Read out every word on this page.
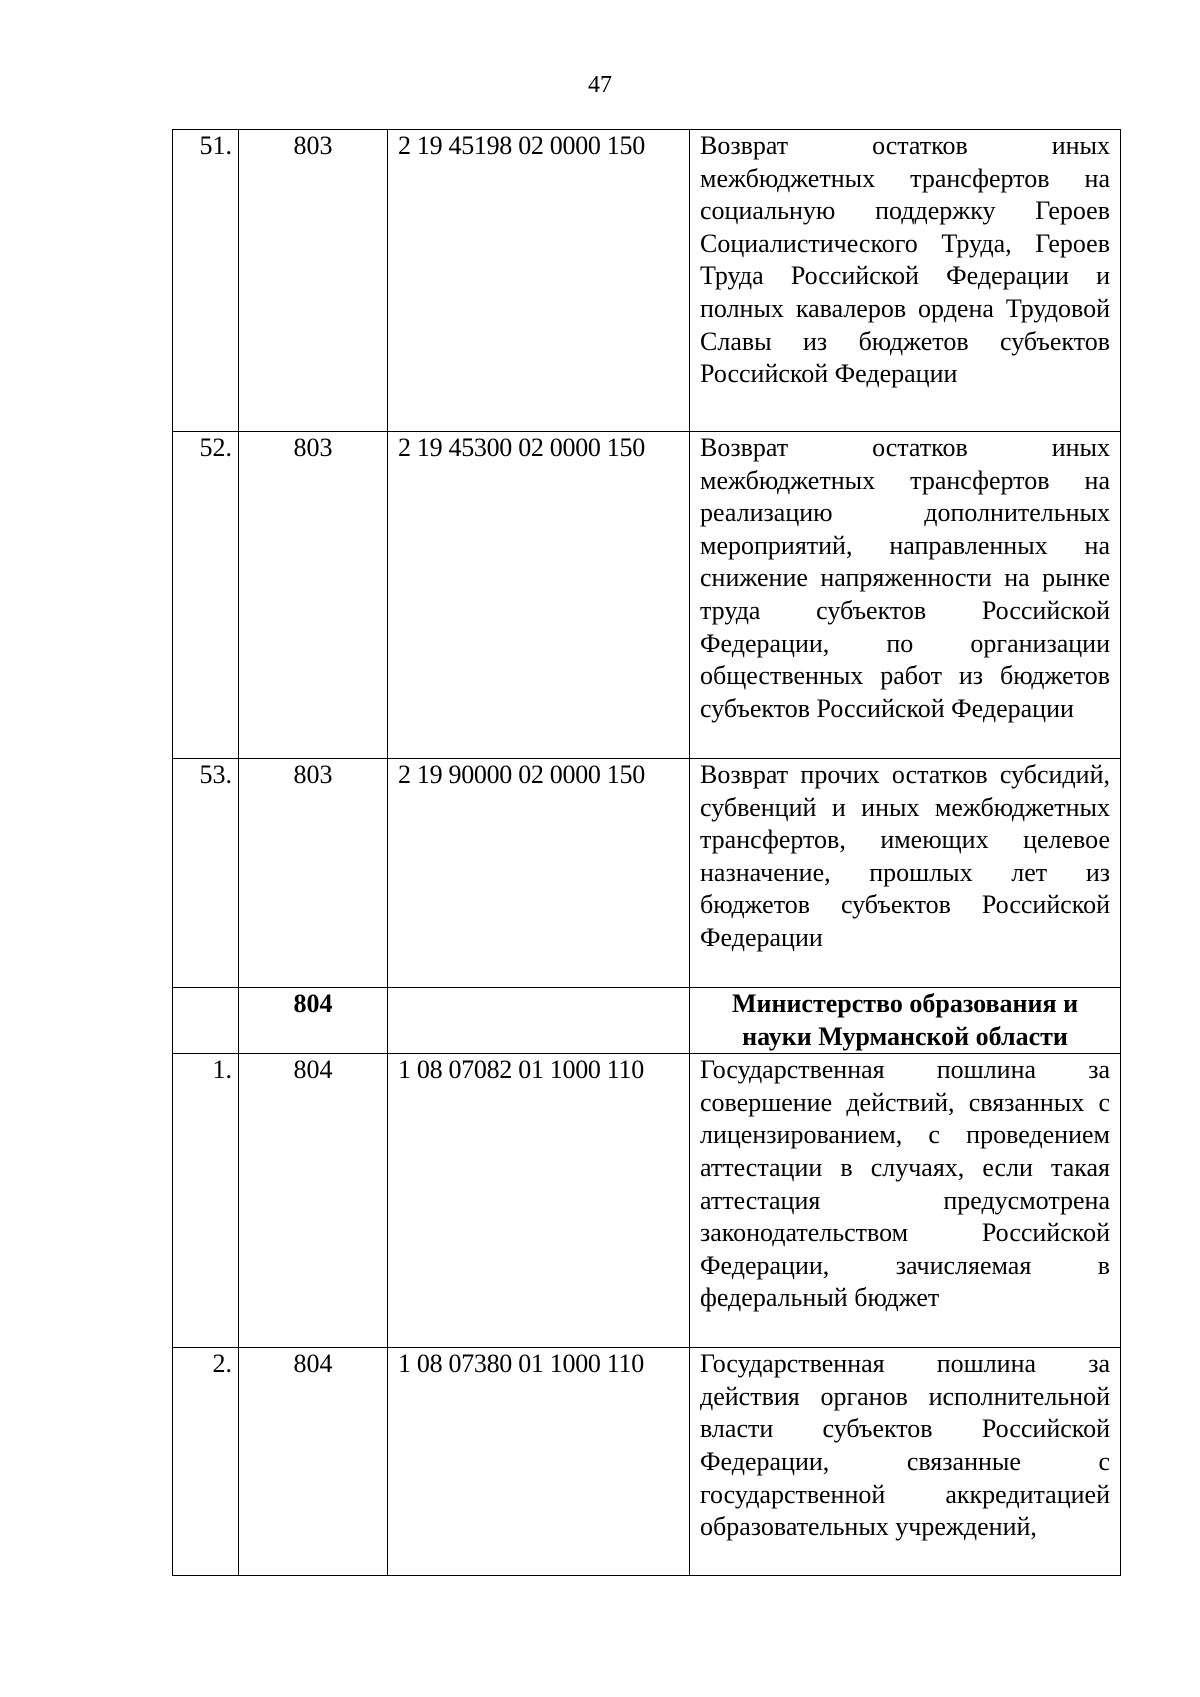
47
51.	803	2 19 45198 02 0000 150	Возврат остатков иных межбюджетных трансфертов на социальную поддержку Героев Социалистического Труда, Героев Труда Российской Федерации и полных кавалеров ордена Трудовой Славы из бюджетов субъектов Российской Федерации

52.	803	2 19 45300 02 0000 150	Возврат остатков иных межбюджетных трансфертов на реализацию дополнительных мероприятий, направленных на снижение напряженности на рынке труда субъектов Российской Федерации, по организации общественных работ из бюджетов субъектов Российской Федерации

53.	803	2 19 90000 02 0000 150	Возврат прочих остатков субсидий, субвенций и иных межбюджетных трансфертов, имеющих целевое назначение, прошлых лет из бюджетов субъектов Российской Федерации

	804		Министерство образования и науки Мурманской области
1.	804	1 08 07082 01 1000 110	Государственная пошлина за совершение действий, связанных с лицензированием, с проведением аттестации в случаях, если такая аттестация предусмотрена законодательством Российской Федерации, зачисляемая в федеральный бюджет

2.	804	1 08 07380 01 1000 110	Государственная пошлина за действия органов исполнительной власти субъектов Российской Федерации, связанные с государственной аккредитацией образовательных учреждений,
